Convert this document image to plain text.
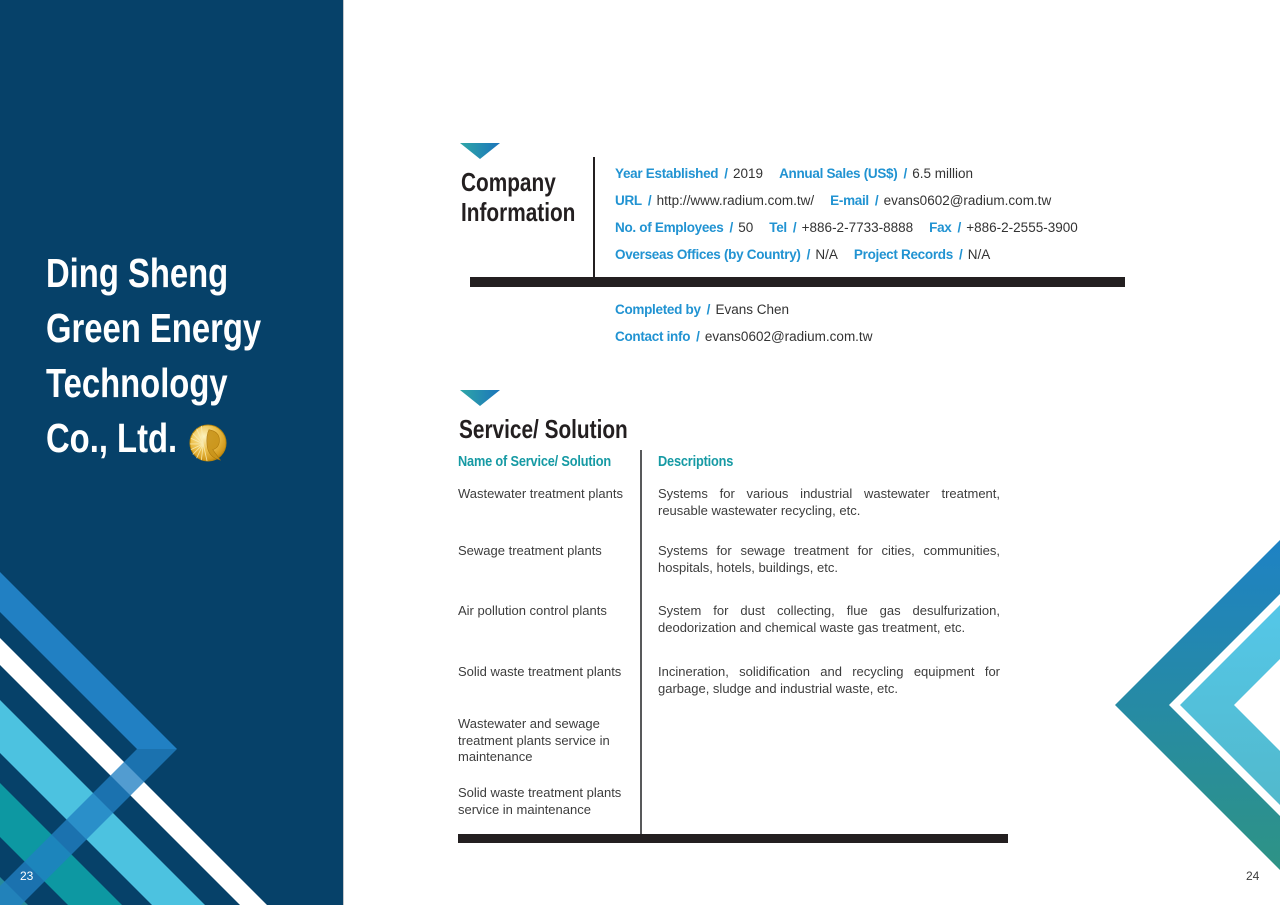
Ding Sheng
Green Energy
Technology
Co., Ltd.
23
Company
Information
Year Established / 2019 Annual Sales (US$) / 6.5 million
URL / http://www.radium.com.tw/ E-mail / evans0602@radium.com.tw
No. of Employees / 50 Tel / +886-2-7733-8888 Fax / +886-2-2555-3900
Overseas Offices (by Country) / N/A Project Records / N/A
Completed by / Evans Chen
Contact info / evans0602@radium.com.tw
Service/ Solution
Name of Service/ Solution	Descriptions
Wastewater treatment plants	Systems for various industrial wastewater treatment, reusable wastewater recycling, etc.
Sewage treatment plants	Systems for sewage treatment for cities, communities, hospitals, hotels, buildings, etc.
Air pollution control plants	System for dust collecting, flue gas desulfurization, deodorization and chemical waste gas treatment, etc.
Solid waste treatment plants	Incineration, solidification and recycling equipment for garbage, sludge and industrial waste, etc.
Wastewater and sewage treatment plants service in maintenance
Solid waste treatment plants service in maintenance
24
